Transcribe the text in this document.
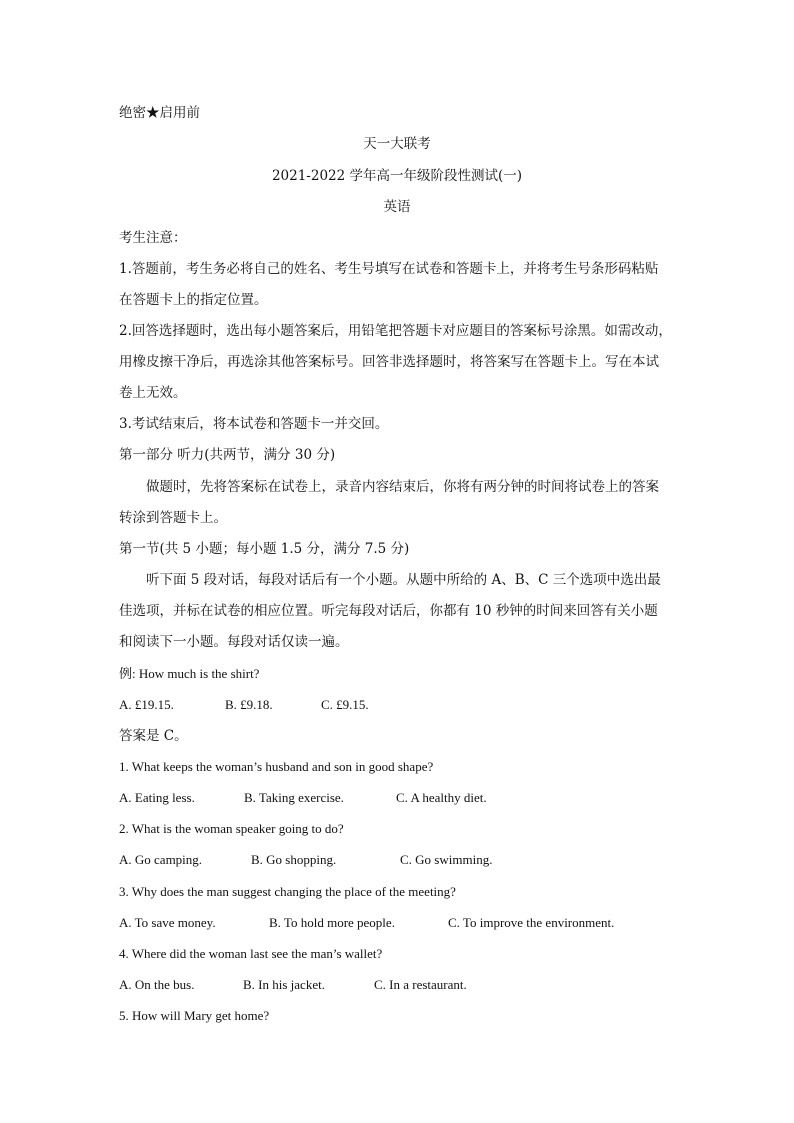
绝密★启用前
天一大联考
2021-2022 学年高一年级阶段性测试(一)
英语
考生注意：
1.答题前，考生务必将自己的姓名、考生号填写在试卷和答题卡上，并将考生号条形码粘贴
在答题卡上的指定位置。
2.回答选择题时，选出每小题答案后，用铅笔把答题卡对应题目的答案标号涂黑。如需改动，
用橡皮擦干净后，再选涂其他答案标号。回答非选择题时，将答案写在答题卡上。写在本试
卷上无效。
3.考试结束后，将本试卷和答题卡一并交回。
第一部分 听力(共两节，满分 30 分)
做题时，先将答案标在试卷上，录音内容结束后，你将有两分钟的时间将试卷上的答案
转涂到答题卡上。
第一节(共 5 小题；每小题 1.5 分，满分 7.5 分)
听下面 5 段对话，每段对话后有一个小题。从题中所给的 A、B、C 三个选项中选出最
佳选项，并标在试卷的相应位置。听完每段对话后，你都有 10 秒钟的时间来回答有关小题
和阅读下一小题。每段对话仅读一遍。
例: How much is the shirt?
A. £19.15.	B. £9.18.	C. £9.15.
答案是 C。
1. What keeps the woman’s husband and son in good shape?
A. Eating less.	B. Taking exercise.	C. A healthy diet.
2. What is the woman speaker going to do?
A. Go camping.	B. Go shopping.	C. Go swimming.
3. Why does the man suggest changing the place of the meeting?
A. To save money.	B. To hold more people.	C. To improve the environment.
4. Where did the woman last see the man’s wallet?
A. On the bus.	B. In his jacket.	C. In a restaurant.
5. How will Mary get home?
